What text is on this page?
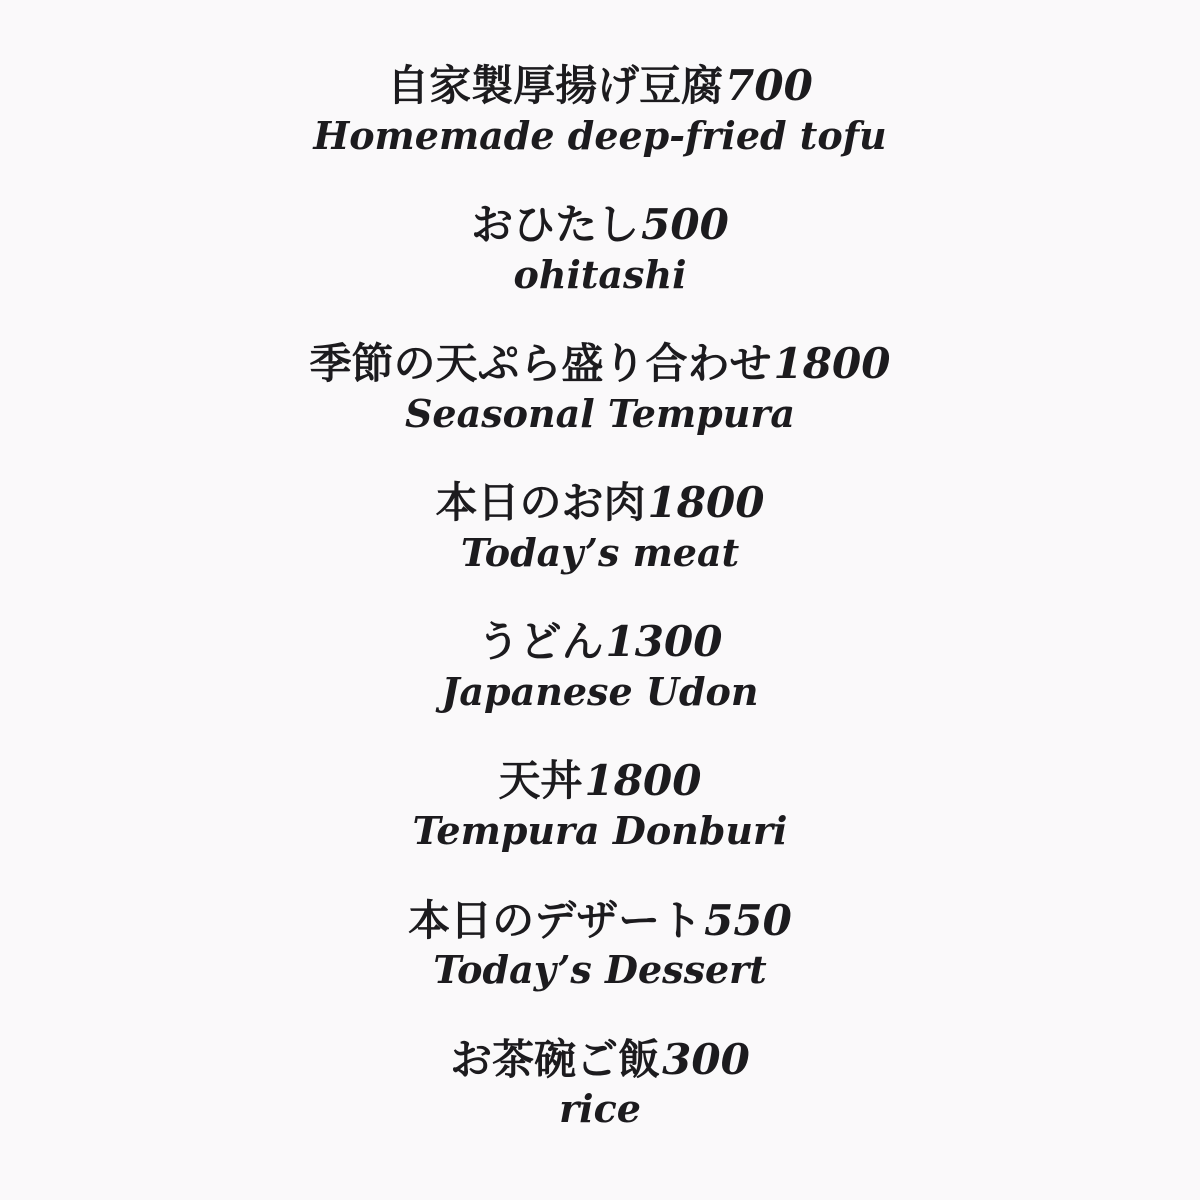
自家製厚揚げ豆腐700
Homemade deep-fried tofu
おひたし500
ohitashi
季節の天ぷら盛り合わせ1800
Seasonal Tempura
本日のお肉1800
Today’s meat
うどん1300
Japanese Udon
天丼1800
Tempura Donburi
本日のデザート550
Today’s Dessert
お茶碗ご飯300
rice
